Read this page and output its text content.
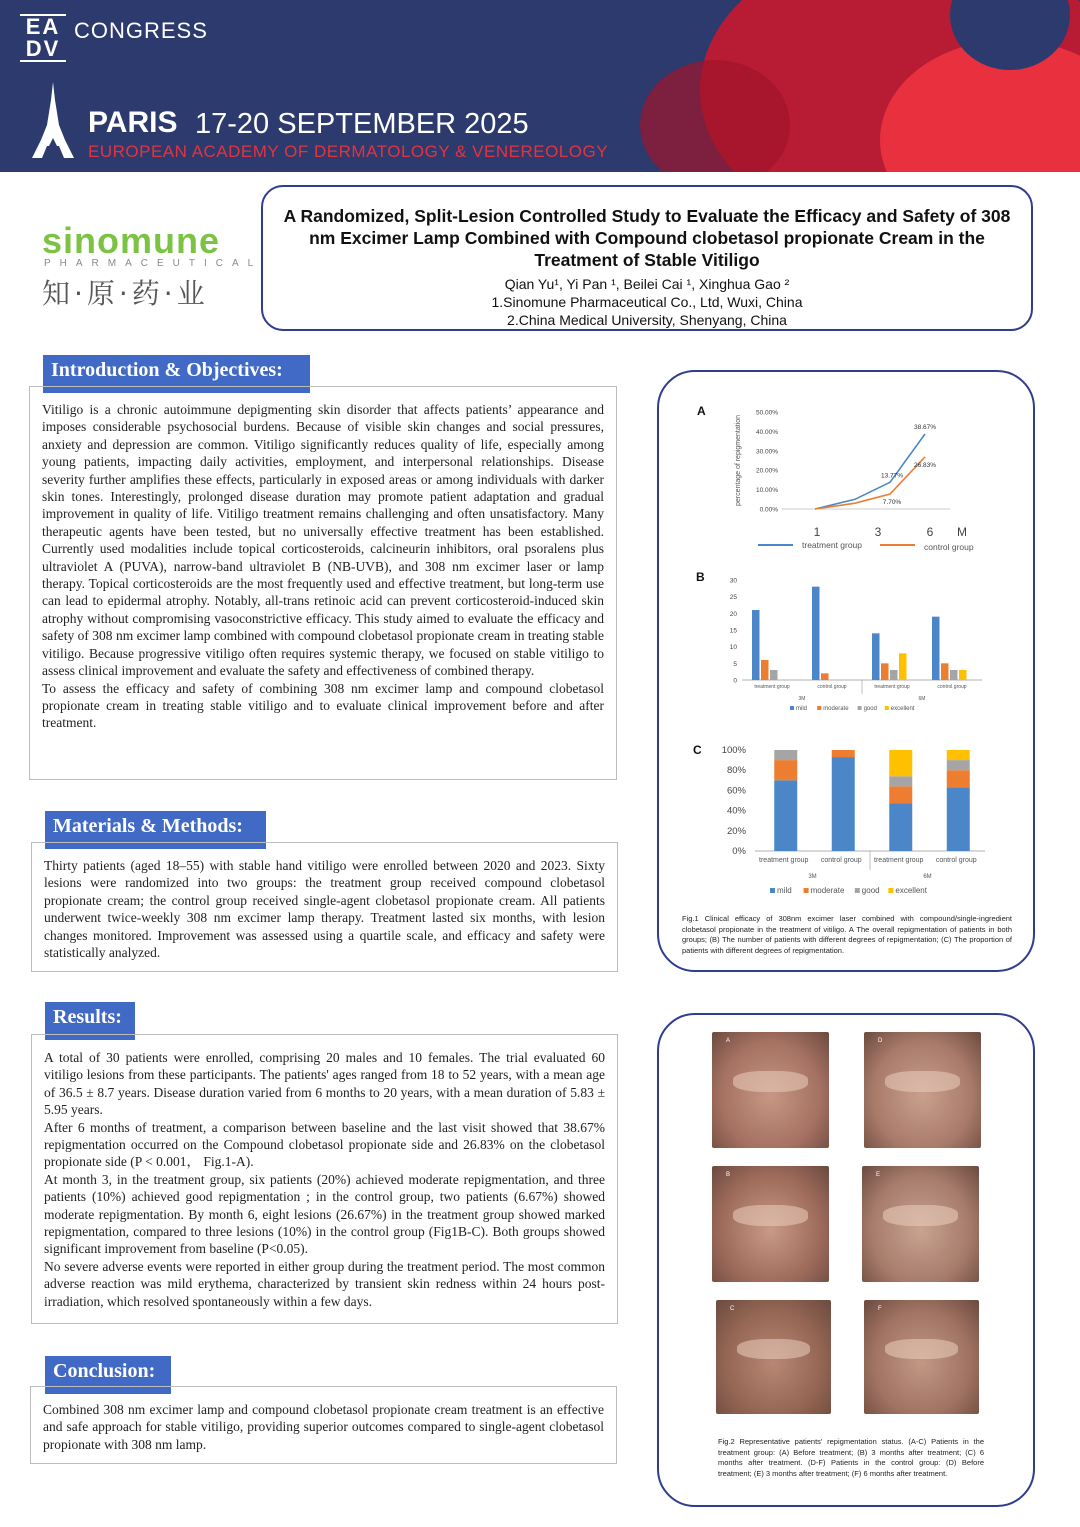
EA DV
CONGRESS
PARIS 17-20 SEPTEMBER 2025
EUROPEAN ACADEMY OF DERMATOLOGY & VENEREOLOGY
sinomune
PHARMACEUTICAL
知·原·药·业
A Randomized, Split-Lesion Controlled Study to Evaluate the Efficacy and Safety of 308 nm Excimer Lamp Combined with Compound clobetasol propionate Cream in the Treatment of Stable Vitiligo
Qian Yu¹, Yi Pan ¹, Beilei Cai ¹, Xinghua Gao ²
1.Sinomune Pharmaceutical Co., Ltd, Wuxi, China
2.China Medical University, Shenyang, China
Introduction & Objectives:

Vitiligo is a chronic autoimmune depigmenting skin disorder that affects patients’ appearance and imposes considerable psychosocial burdens. Because of visible skin changes and social pressures, anxiety and depression are common. Vitiligo significantly reduces quality of life, especially among young patients, impacting daily activities, employment, and interpersonal relationships. Disease severity further amplifies these effects, particularly in exposed areas or among individuals with darker skin tones. Interestingly, prolonged disease duration may promote patient adaptation and gradual improvement in quality of life. Vitiligo treatment remains challenging and often unsatisfactory. Many therapeutic agents have been tested, but no universally effective treatment has been established. Currently used modalities include topical corticosteroids, calcineurin inhibitors, oral psoralens plus ultraviolet A (PUVA), narrow-band ultraviolet B (NB-UVB), and 308 nm excimer laser or lamp therapy. Topical corticosteroids are the most frequently used and effective treatment, but long-term use can lead to epidermal atrophy. Notably, all-trans retinoic acid can prevent corticosteroid-induced skin atrophy without compromising vasoconstrictive efficacy. This study aimed to evaluate the efficacy and safety of 308 nm excimer lamp combined with compound clobetasol propionate cream in treating stable vitiligo. Because progressive vitiligo often requires systemic therapy, we focused on stable vitiligo to assess clinical improvement and evaluate the safety and effectiveness of combined therapy.

To assess the efficacy and safety of combining 308 nm excimer lamp and compound clobetasol propionate cream in treating stable vitiligo and to evaluate clinical improvement before and after treatment.

Materials & Methods:

Thirty patients (aged 18–55) with stable hand vitiligo were enrolled between 2020 and 2023. Sixty lesions were randomized into two groups: the treatment group received compound clobetasol propionate cream; the control group received single-agent clobetasol propionate cream. All patients underwent twice-weekly 308 nm excimer lamp therapy. Treatment lasted six months, with lesion changes monitored. Improvement was assessed using a quartile scale, and efficacy and safety were statistically analyzed.

Results:

A total of 30 patients were enrolled, comprising 20 males and 10 females. The trial evaluated 60 vitiligo lesions from these participants. The patients' ages ranged from 18 to 52 years, with a mean age of 36.5 ± 8.7 years. Disease duration varied from 6 months to 20 years, with a mean duration of 5.83 ± 5.95 years.

After 6 months of treatment, a comparison between baseline and the last visit showed that 38.67% repigmentation occurred on the Compound clobetasol propionate side and 26.83% on the clobetasol propionate side (P < 0.001， Fig.1-A).

At month 3, in the treatment group, six patients (20%) achieved moderate repigmentation, and three patients (10%) achieved good repigmentation ; in the control group, two patients (6.67%) showed moderate repigmentation. By month 6, eight lesions (26.67%) in the treatment group showed marked repigmentation, compared to three lesions (10%) in the control group (Fig1B-C). Both groups showed significant improvement from baseline (P<0.05).

No severe adverse events were reported in either group during the treatment period. The most common adverse reaction was mild erythema, characterized by transient skin redness within 24 hours post-irradiation, which resolved spontaneously within a few days.

Conclusion:

Combined 308 nm excimer lamp and compound clobetasol propionate cream treatment is an effective and safe approach for stable vitiligo, providing superior outcomes compared to single-agent clobetasol propionate with 308 nm lamp.

A
B
C
percentage of repigmentation
0.00%
10.00%
20.00%
30.00%
40.00%
50.00%
13.77%
38.67%
7.70%
26.83%
1	3	6 M
treatment group	control group
0
5
10
15
20
25
30
treatment group	control group	treatment group	control group
3M	6M
mild	moderate	good excellent
0%
20%
40%
60%
80%
100%
treatment group control group treatment group control group
3M	6M
mild moderate good excellent
Fig.1 Clinical efficacy of 308nm excimer laser combined with compound/single-ingredient clobetasol propionate in the treatment of vitiligo. A The overall repigmentation of patients in both groups; (B) The number of patients with different degrees of repigmentation; (C) The proportion of patients with different degrees of repigmentation.
A	D
B	E
C	F
Fig.2 Representative patients' repigmentation status. (A-C) Patients in the treatment group: (A) Before treatment; (B) 3 months after treatment; (C) 6 months after treatment. (D-F) Patients in the control group: (D) Before treatment; (E) 3 months after treatment; (F) 6 months after treatment.
